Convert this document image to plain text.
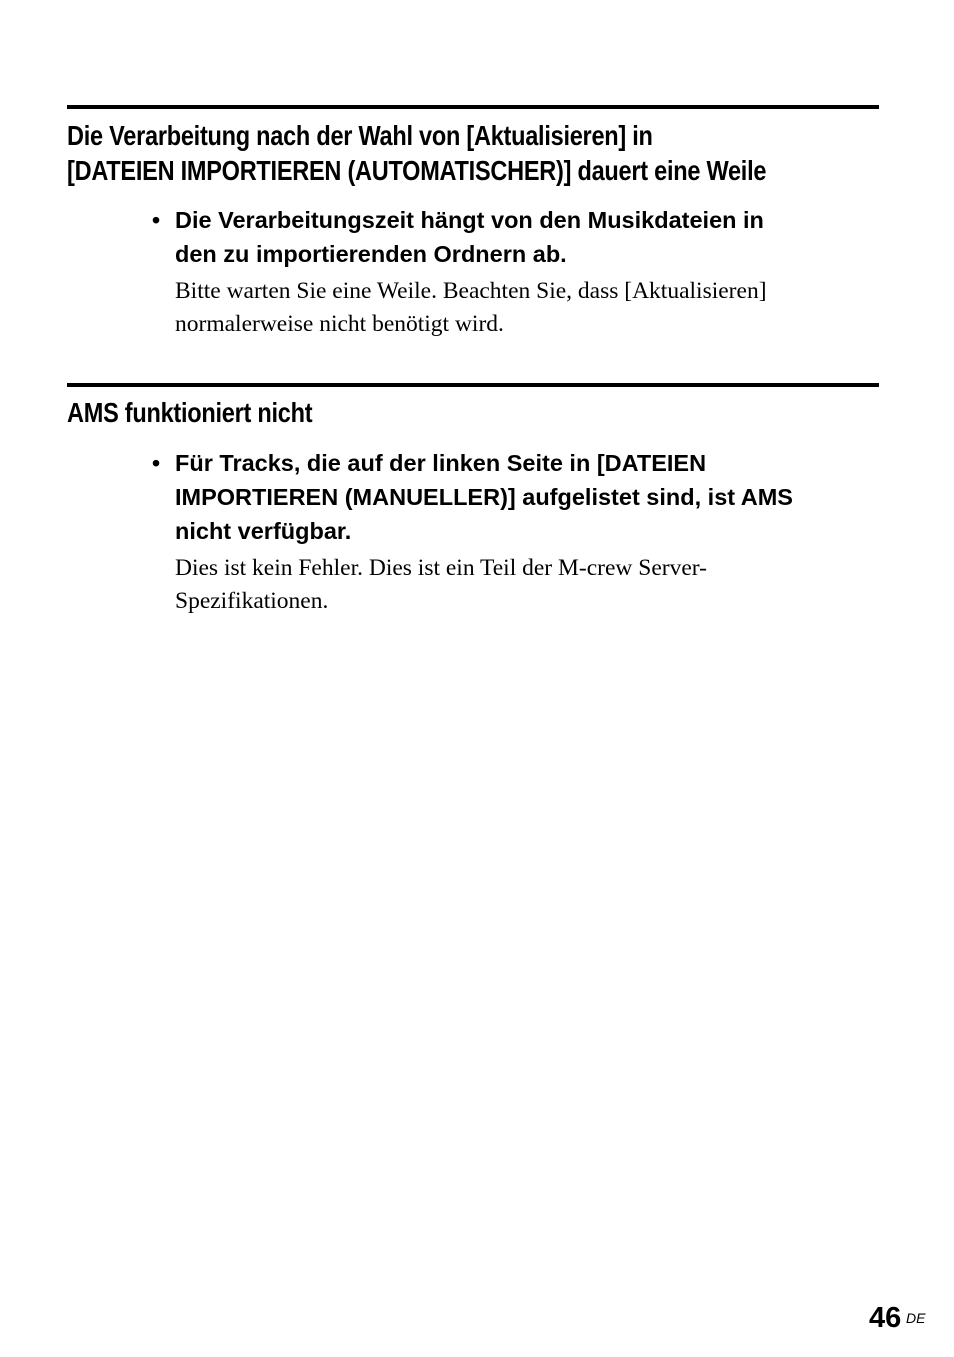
Die Verarbeitung nach der Wahl von [Aktualisieren] in
[DATEIEN IMPORTIEREN (AUTOMATISCHER)] dauert eine Weile
• Die Verarbeitungszeit hängt von den Musikdateien in
den zu importierenden Ordnern ab.

Bitte warten Sie eine Weile. Beachten Sie, dass [Aktualisieren]
normalerweise nicht benötigt wird.

AMS funktioniert nicht
• Für Tracks, die auf der linken Seite in [DATEIEN
IMPORTIEREN (MANUELLER)] aufgelistet sind, ist AMS
nicht verfügbar.

Dies ist kein Fehler. Dies ist ein Teil der M-crew Server-
Spezifikationen.

46 DE
